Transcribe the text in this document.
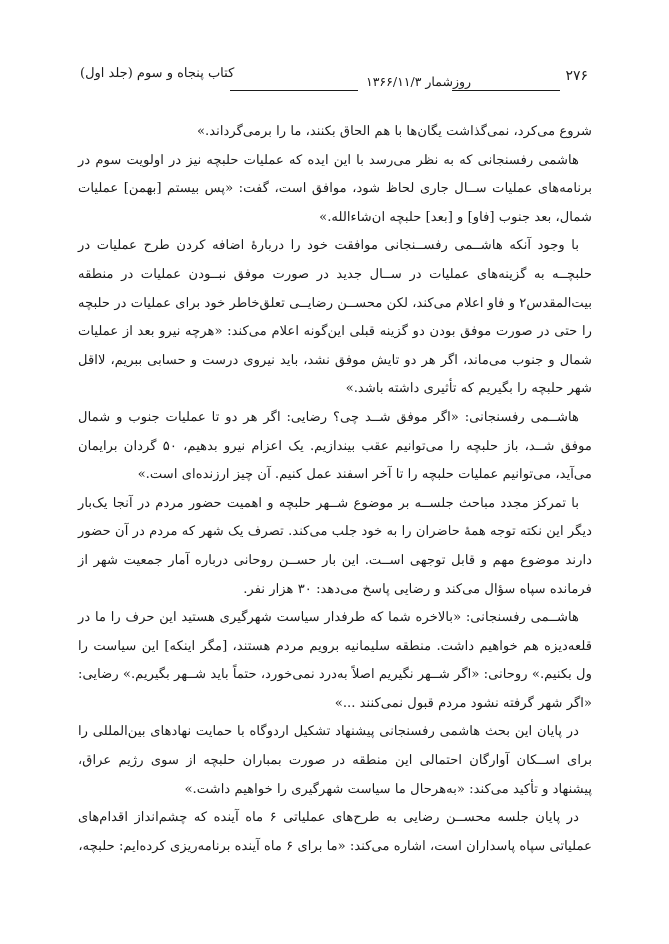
کتاب پنجاه و سوم (جلد اول)
روزشمار ۱۳۶۶/۱۱/۳	۲۷۶

شروع می‌کرد، نمی‌گذاشت یگان‌ها با هم الحاق بکنند، ما را برمی‌گرداند.»

هاشمی رفسنجانی که به نظر می‌رسد با این ایده که عملیات حلبچه نیز در اولویت سوم در برنامه‌های عملیات ســال جاری لحاظ شود، موافق است، گفت: «پس بیستم [بهمن] عملیات شمال، بعد جنوب [فاو] و [بعد] حلبچه ان‌شاءالله.»

با وجود آنکه هاشــمی رفســنجانی موافقت خود را دربارهٔ اضافه کردن طرح عملیات در حلبچــه به گزینه‌های عملیات در ســال جدید در صورت موفق نبــودن عملیات در منطقه بیت‌المقدس۲ و فاو اعلام می‌کند، لکن محســن رضایــی تعلق‌خاطر خود برای عملیات در حلبچه را حتی در صورت موفق بودن دو گزینه قبلی این‌گونه اعلام می‌کند: «هرچه نیرو بعد از عملیات شمال و جنوب می‌ماند، اگر هر دو تایش موفق نشد، باید نیروی درست و حسابی ببریم، لااقل شهر حلبچه را بگیریم که تأثیری داشته باشد.»

هاشــمی رفسنجانی: «اگر موفق شــد چی؟ رضایی: اگر هر دو تا عملیات جنوب و شمال موفق شــد، باز حلبچه را می‌توانیم عقب بیندازیم. یک اعزام نیرو بدهیم، ۵۰ گردان برایمان می‌آید، می‌توانیم عملیات حلبچه را تا آخر اسفند عمل کنیم. آن چیز ارزنده‌ای است.»

با تمرکز مجدد مباحث جلســه بر موضوع شــهر حلبچه و اهمیت حضور مردم در آنجا یک‌بار دیگر این نکته توجه همهٔ حاضران را به خود جلب می‌کند. تصرف یک شهر که مردم در آن حضور دارند موضوع مهم و قابل توجهی اســت. این بار حســن روحانی درباره آمار جمعیت شهر از فرمانده سپاه سؤال می‌کند و رضایی پاسخ می‌دهد: ۳۰ هزار نفر.

هاشــمی رفسنجانی: «بالاخره شما که طرفدار سیاست شهرگیری هستید این حرف را ما در قلعه‌دیزه هم خواهیم داشت. منطقه سلیمانیه برویم مردم هستند، [مگر اینکه] این سیاست را ول بکنیم.» روحانی: «اگر شــهر نگیریم اصلاً به‌درد نمی‌خورد، حتماً باید شــهر بگیریم.» رضایی: «اگر شهر گرفته نشود مردم قبول نمی‌کنند ...»

در پایان این بحث هاشمی رفسنجانی پیشنهاد تشکیل اردوگاه با حمایت نهادهای بین‌المللی را برای اســکان آوارگان احتمالی این منطقه در صورت بمباران حلبچه از سوی رژیم عراق، پیشنهاد و تأکید می‌کند: «به‌هرحال ما سیاست شهرگیری را خواهیم داشت.»

در پایان جلسه محســن رضایی به طرح‌های عملیاتی ۶ ماه آینده که چشم‌انداز اقدام‌های عملیاتی سپاه پاسداران است، اشاره می‌کند: «ما برای ۶ ماه آینده برنامه‌ریزی کرده‌ایم: حلبچه،
